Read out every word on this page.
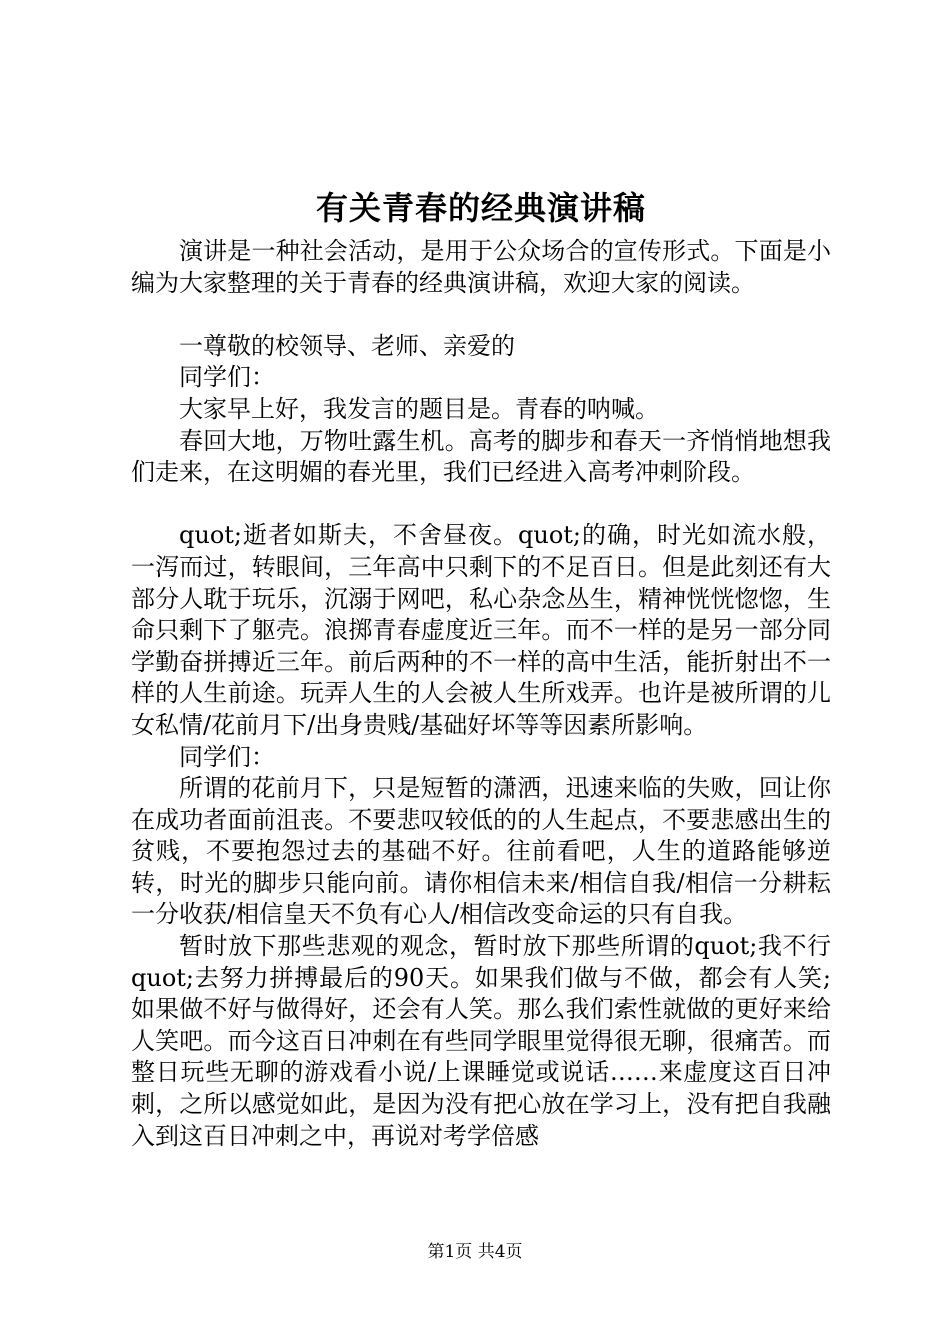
有关青春的经典演讲稿

演讲是一种社会活动，是用于公众场合的宣传形式。下面是小编为大家整理的关于青春的经典演讲稿，欢迎大家的阅读。

一尊敬的校领导、老师、亲爱的

同学们：

大家早上好，我发言的题目是。青春的呐喊。

春回大地，万物吐露生机。高考的脚步和春天一齐悄悄地想我们走来，在这明媚的春光里，我们已经进入高考冲刺阶段。

quot;逝者如斯夫，不舍昼夜。quot;的确，时光如流水般，一泻而过，转眼间，三年高中只剩下的不足百日。但是此刻还有大部分人耽于玩乐，沉溺于网吧，私心杂念丛生，精神恍恍惚惚，生命只剩下了躯壳。浪掷青春虚度近三年。而不一样的是另一部分同学勤奋拼搏近三年。前后两种的不一样的高中生活，能折射出不一样的人生前途。玩弄人生的人会被人生所戏弄。也许是被所谓的儿女私情/花前月下/出身贵贱/基础好坏等等因素所影响。

同学们：

所谓的花前月下，只是短暂的潇洒，迅速来临的失败，回让你在成功者面前沮丧。不要悲叹较低的的人生起点，不要悲感出生的贫贱，不要抱怨过去的基础不好。往前看吧，人生的道路能够逆转，时光的脚步只能向前。请你相信未来/相信自我/相信一分耕耘一分收获/相信皇天不负有心人/相信改变命运的只有自我。

暂时放下那些悲观的观念，暂时放下那些所谓的quot;我不行quot;去努力拼搏最后的90天。如果我们做与不做，都会有人笑;如果做不好与做得好，还会有人笑。那么我们索性就做的更好来给人笑吧。而今这百日冲刺在有些同学眼里觉得很无聊，很痛苦。而整日玩些无聊的游戏看小说/上课睡觉或说话……来虚度这百日冲刺，之所以感觉如此，是因为没有把心放在学习上，没有把自我融入到这百日冲刺之中，再说对考学倍感

第1页 共4页
